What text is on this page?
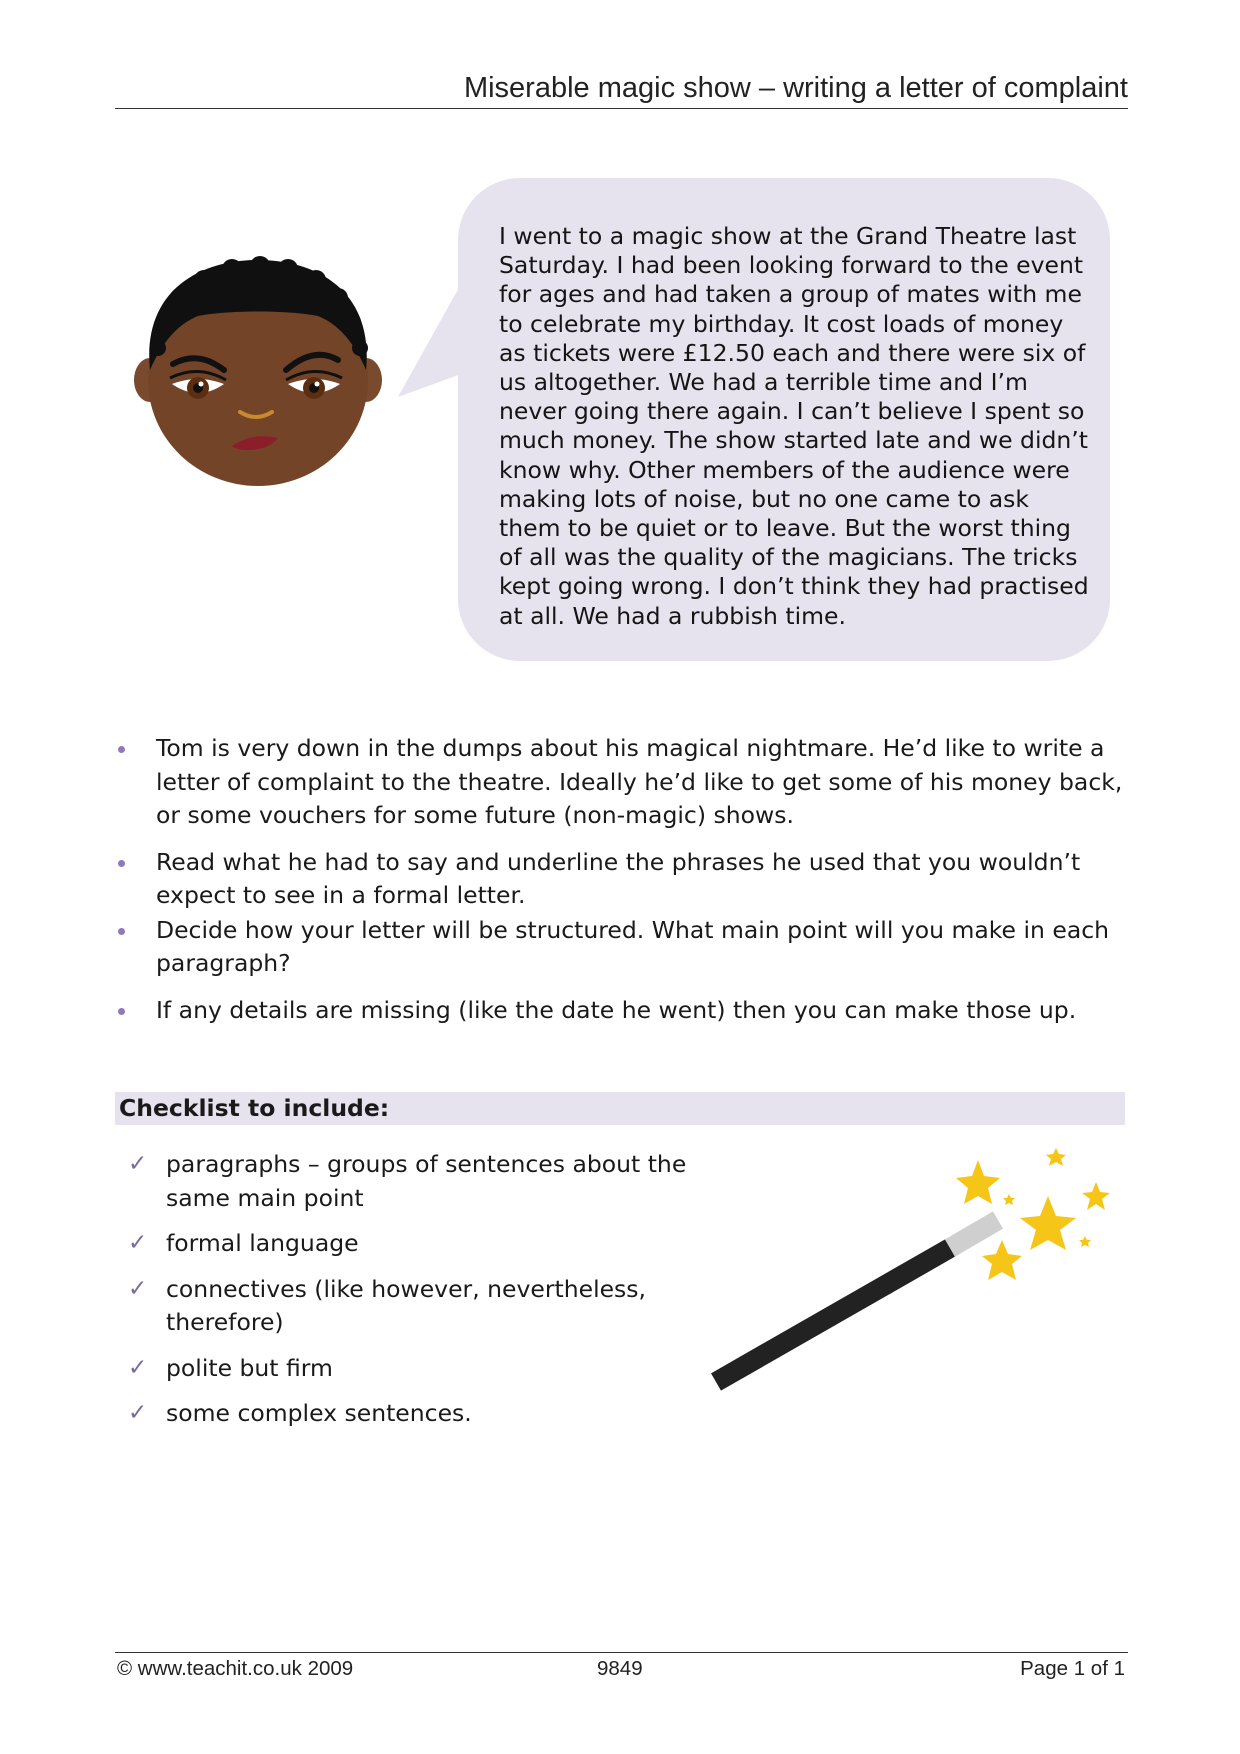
Miserable magic show – writing a letter of complaint

I went to a magic show at the Grand Theatre last Saturday. I had been looking forward to the event for ages and had taken a group of mates with me to celebrate my birthday. It cost loads of money as tickets were £12.50 each and there were six of us altogether. We had a terrible time and I’m never going there again. I can’t believe I spent so much money. The show started late and we didn’t know why. Other members of the audience were making lots of noise, but no one came to ask them to be quiet or to leave. But the worst thing of all was the quality of the magicians. The tricks kept going wrong. I don’t think they had practised at all. We had a rubbish time.

Tom is very down in the dumps about his magical nightmare. He’d like to write a letter of complaint to the theatre. Ideally he’d like to get some of his money back, or some vouchers for some future (non-magic) shows.
Read what he had to say and underline the phrases he used that you wouldn’t expect to see in a formal letter.
Decide how your letter will be structured. What main point will you make in each paragraph?
If any details are missing (like the date he went) then you can make those up.
Checklist to include:
✓ paragraphs – groups of sentences about the same main point
✓ formal language
✓ connectives (like however, nevertheless, therefore)
✓ polite but firm
✓ some complex sentences.
© www.teachit.co.uk 2009	9849	Page 1 of 1
